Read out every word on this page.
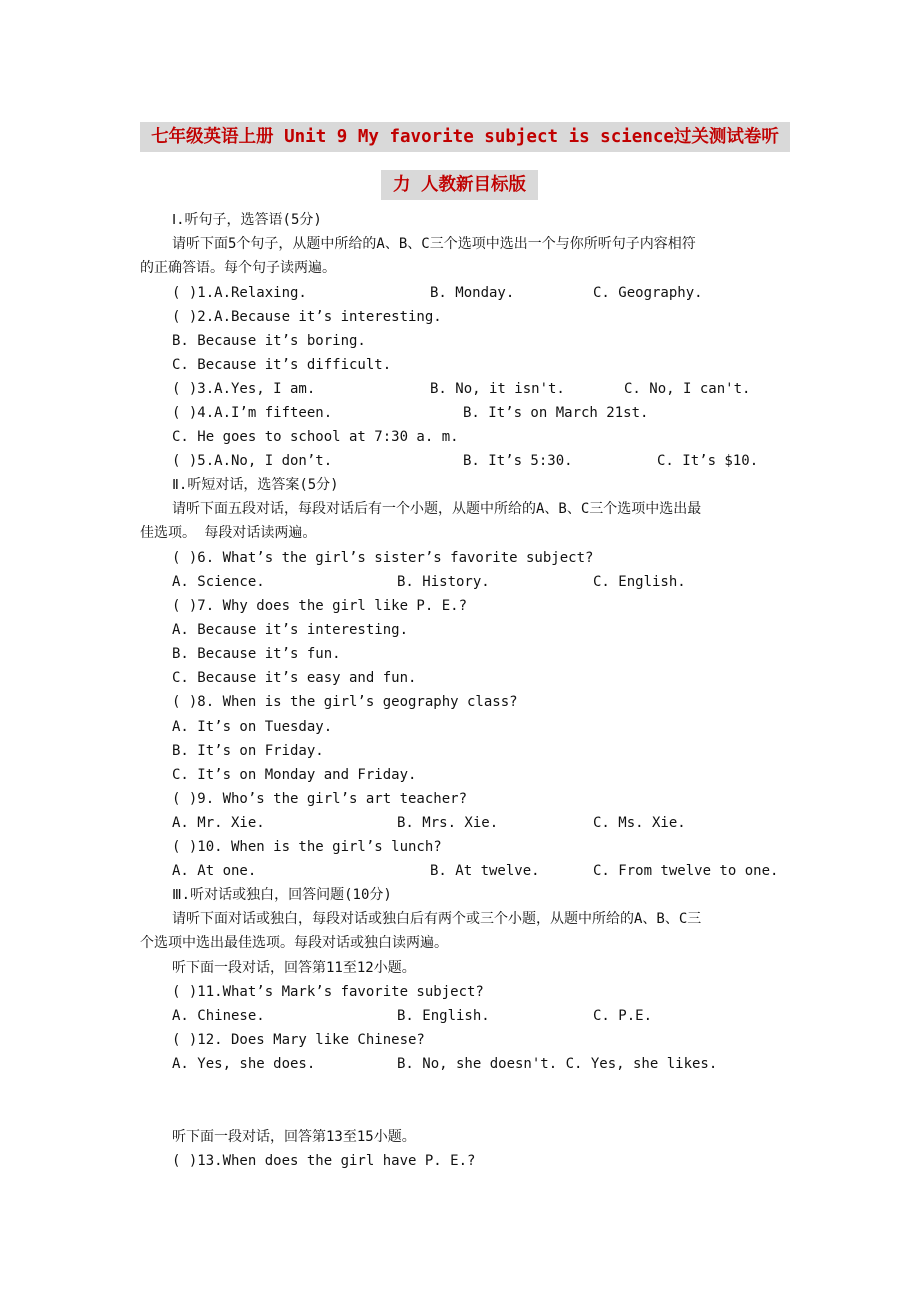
七年级英语上册 Unit 9 My favorite subject is science过关测试卷听
力 人教新目标版
Ⅰ.听句子，选答语(5分)
请听下面5个句子，从题中所给的A、B、C三个选项中选出一个与你所听句子内容相符
的正确答语。每个句子读两遍。
( )1.A.Relaxing.	B. Monday.	C. Geography.
( )2.A.Because it’s interesting.
B. Because it’s boring.
C. Because it’s difficult.
( )3.A.Yes, I am.	B. No, it isn't.	C. No, I can't.
( )4.A.I’m fifteen.	B. It’s on March 21st.
C. He goes to school at 7:30 a. m.
( )5.A.No, I don’t.	B. It’s 5:30.	C. It’s $10.
Ⅱ.听短对话，选答案(5分)
请听下面五段对话，每段对话后有一个小题，从题中所给的A、B、C三个选项中选出最
佳选项。 每段对话读两遍。
( )6. What’s the girl’s sister’s favorite subject?
A. Science.	B. History.	C. English.
( )7. Why does the girl like P. E.?
A. Because it’s interesting.
B. Because it’s fun.
C. Because it’s easy and fun.
( )8. When is the girl’s geography class?
A. It’s on Tuesday.
B. It’s on Friday.
C. It’s on Monday and Friday.
( )9. Who’s the girl’s art teacher?
A. Mr. Xie.	B. Mrs. Xie.	C. Ms. Xie.
( )10. When is the girl’s lunch?
A. At one.	B. At twelve.	C. From twelve to one.
Ⅲ.听对话或独白，回答问题(10分)
请听下面对话或独白，每段对话或独白后有两个或三个小题，从题中所给的A、B、C三
个选项中选出最佳选项。每段对话或独白读两遍。
听下面一段对话，回答第11至12小题。
( )11.What’s Mark’s favorite subject?
A. Chinese.	B. English.	C. P.E.
( )12. Does Mary like Chinese?
A. Yes, she does.	B. No, she doesn't. C. Yes, she likes.
听下面一段对话，回答第13至15小题。
( )13.When does the girl have P. E.?
